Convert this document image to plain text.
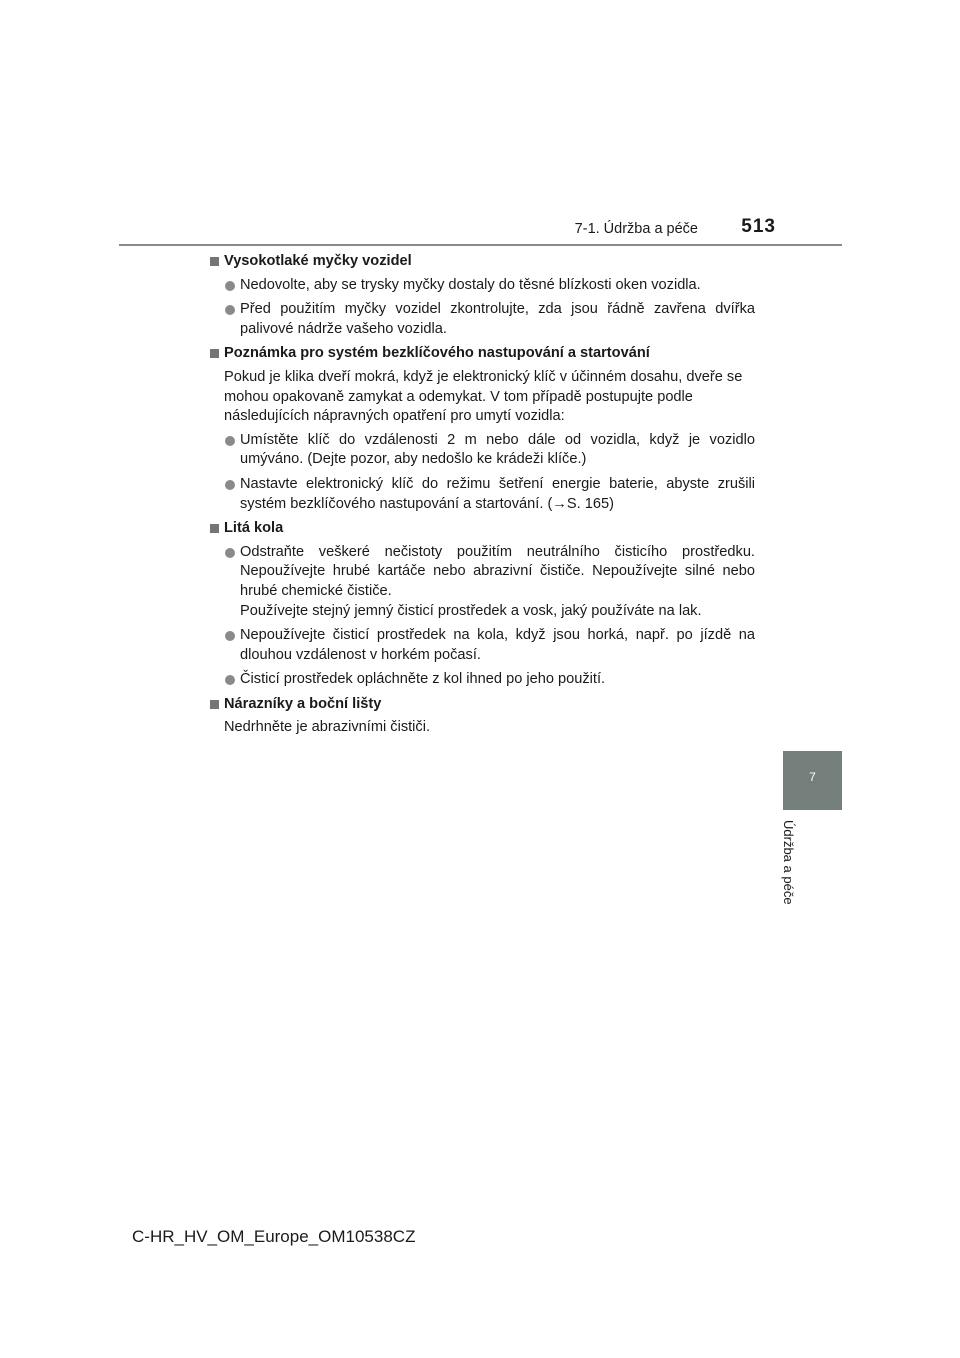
7-1. Údržba a péče	513
7
Údržba a péče
Vysokotlaké myčky vozidel
Nedovolte, aby se trysky myčky dostaly do těsné blízkosti oken vozidla.
Před použitím myčky vozidel zkontrolujte, zda jsou řádně zavřena dvířka palivové nádrže vašeho vozidla.
Poznámka pro systém bezklíčového nastupování a startování
Pokud je klika dveří mokrá, když je elektronický klíč v účinném dosahu, dveře se mohou opakovaně zamykat a odemykat. V tom případě postupujte podle následujících nápravných opatření pro umytí vozidla:
Umístěte klíč do vzdálenosti 2 m nebo dále od vozidla, když je vozidlo umýváno. (Dejte pozor, aby nedošlo ke krádeži klíče.)
Nastavte elektronický klíč do režimu šetření energie baterie, abyste zrušili systém bezklíčového nastupování a startování. (→S. 165)
Litá kola
Odstraňte veškeré nečistoty použitím neutrálního čisticího prostředku. Nepoužívejte hrubé kartáče nebo abrazivní čističe. Nepoužívejte silné nebo hrubé chemické čističe.
Používejte stejný jemný čisticí prostředek a vosk, jaký používáte na lak.
Nepoužívejte čisticí prostředek na kola, když jsou horká, např. po jízdě na dlouhou vzdálenost v horkém počasí.
Čisticí prostředek opláchněte z kol ihned po jeho použití.
Nárazníky a boční lišty
Nedrhněte je abrazivními čističi.
C-HR_HV_OM_Europe_OM10538CZ
